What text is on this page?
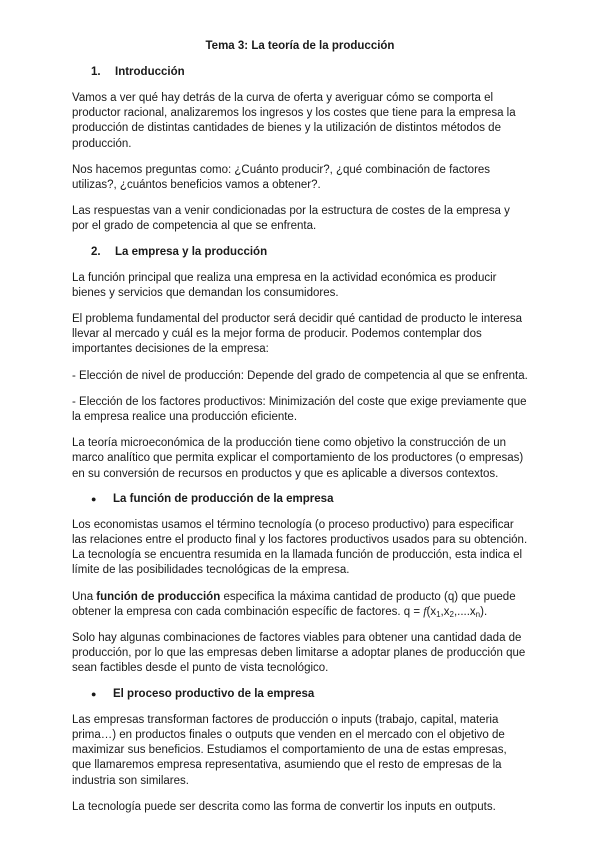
Tema 3: La teoría de la producción
1. Introducción

Vamos a ver qué hay detrás de la curva de oferta y averiguar cómo se comporta el productor racional, analizaremos los ingresos y los costes que tiene para la empresa la producción de distintas cantidades de bienes y la utilización de distintos métodos de producción.

Nos hacemos preguntas como: ¿Cuánto producir?, ¿qué combinación de factores utilizas?, ¿cuántos beneficios vamos a obtener?.

Las respuestas van a venir condicionadas por la estructura de costes de la empresa y por el grado de competencia al que se enfrenta.

2. La empresa y la producción

La función principal que realiza una empresa en la actividad económica es producir bienes y servicios que demandan los consumidores.

El problema fundamental del productor será decidir qué cantidad de producto le interesa llevar al mercado y cuál es la mejor forma de producir. Podemos contemplar dos importantes decisiones de la empresa:

- Elección de nivel de producción: Depende del grado de competencia al que se enfrenta.

- Elección de los factores productivos: Minimización del coste que exige previamente que la empresa realice una producción eficiente.

La teoría microeconómica de la producción tiene como objetivo la construcción de un marco analítico que permita explicar el comportamiento de los productores (o empresas) en su conversión de recursos en productos y que es aplicable a diversos contextos.

● La función de producción de la empresa

Los economistas usamos el término tecnología (o proceso productivo) para especificar las relaciones entre el producto final y los factores productivos usados para su obtención. La tecnología se encuentra resumida en la llamada función de producción, esta indica el límite de las posibilidades tecnológicas de la empresa.

Una función de producción especifica la máxima cantidad de producto (q) que puede obtener la empresa con cada combinación específic de factores. $q = f(x_1,x_2,....x_n)$.

Solo hay algunas combinaciones de factores viables para obtener una cantidad dada de producción, por lo que las empresas deben limitarse a adoptar planes de producción que sean factibles desde el punto de vista tecnológico.

● El proceso productivo de la empresa

Las empresas transforman factores de producción o inputs (trabajo, capital, materia prima…) en productos finales o outputs que venden en el mercado con el objetivo de maximizar sus beneficios. Estudiamos el comportamiento de una de estas empresas, que llamaremos empresa representativa, asumiendo que el resto de empresas de la industria son similares.

La tecnología puede ser descrita como las forma de convertir los inputs en outputs.
